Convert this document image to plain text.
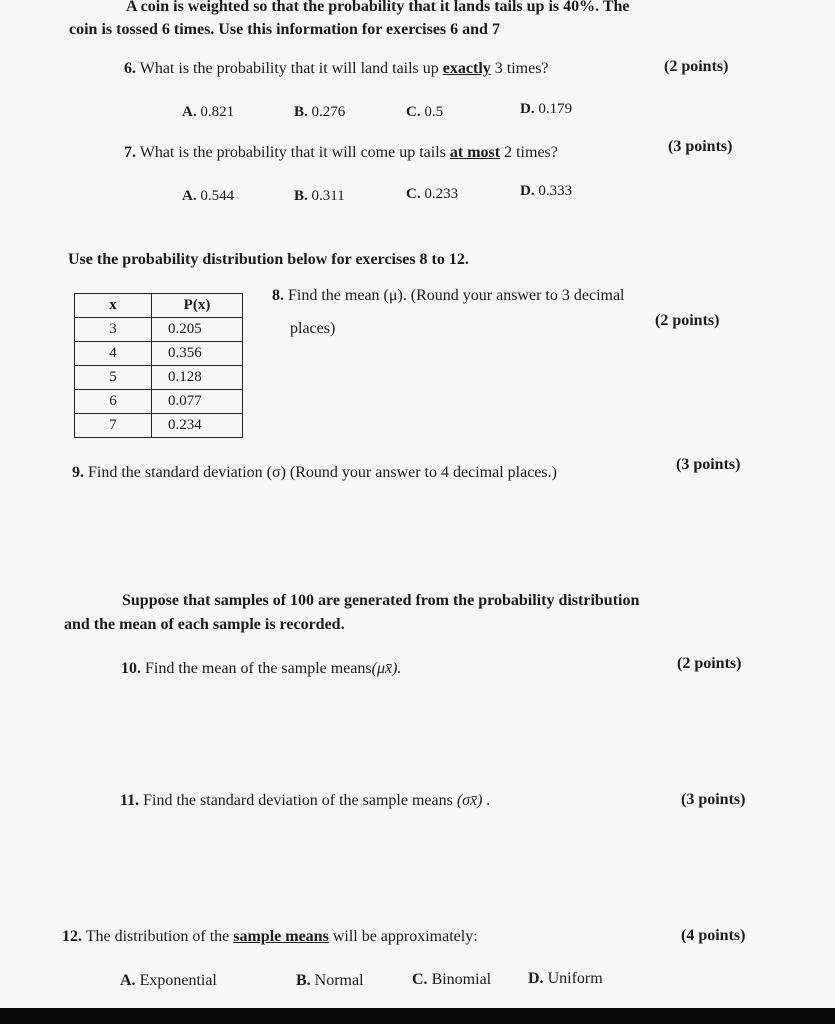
A coin is weighted so that the probability that it lands tails up is 40%. The
coin is tossed 6 times. Use this information for exercises 6 and 7
6. What is the probability that it will land tails up exactly 3 times?	(2 points)
A. 0.821	B. 0.276	C. 0.5	D. 0.179
7. What is the probability that it will come up tails at most 2 times?	(3 points)
A. 0.544	B. 0.311	C. 0.233	D. 0.333
Use the probability distribution below for exercises 8 to 12.
x	P(x)
3	0.205
4	0.356
5	0.128
6	0.077
7	0.234
8. Find the mean (μ). (Round your answer to 3 decimal
places)	(2 points)
9. Find the standard deviation (σ) (Round your answer to 4 decimal places.)	(3 points)
Suppose that samples of 100 are generated from the probability distribution
and the mean of each sample is recorded.
10. Find the mean of the sample means(μx̄).	(2 points)
11. Find the standard deviation of the sample means (σx̄) .	(3 points)
12. The distribution of the sample means will be approximately:	(4 points)
A. Exponential	B. Normal	C. Binomial D. Uniform
